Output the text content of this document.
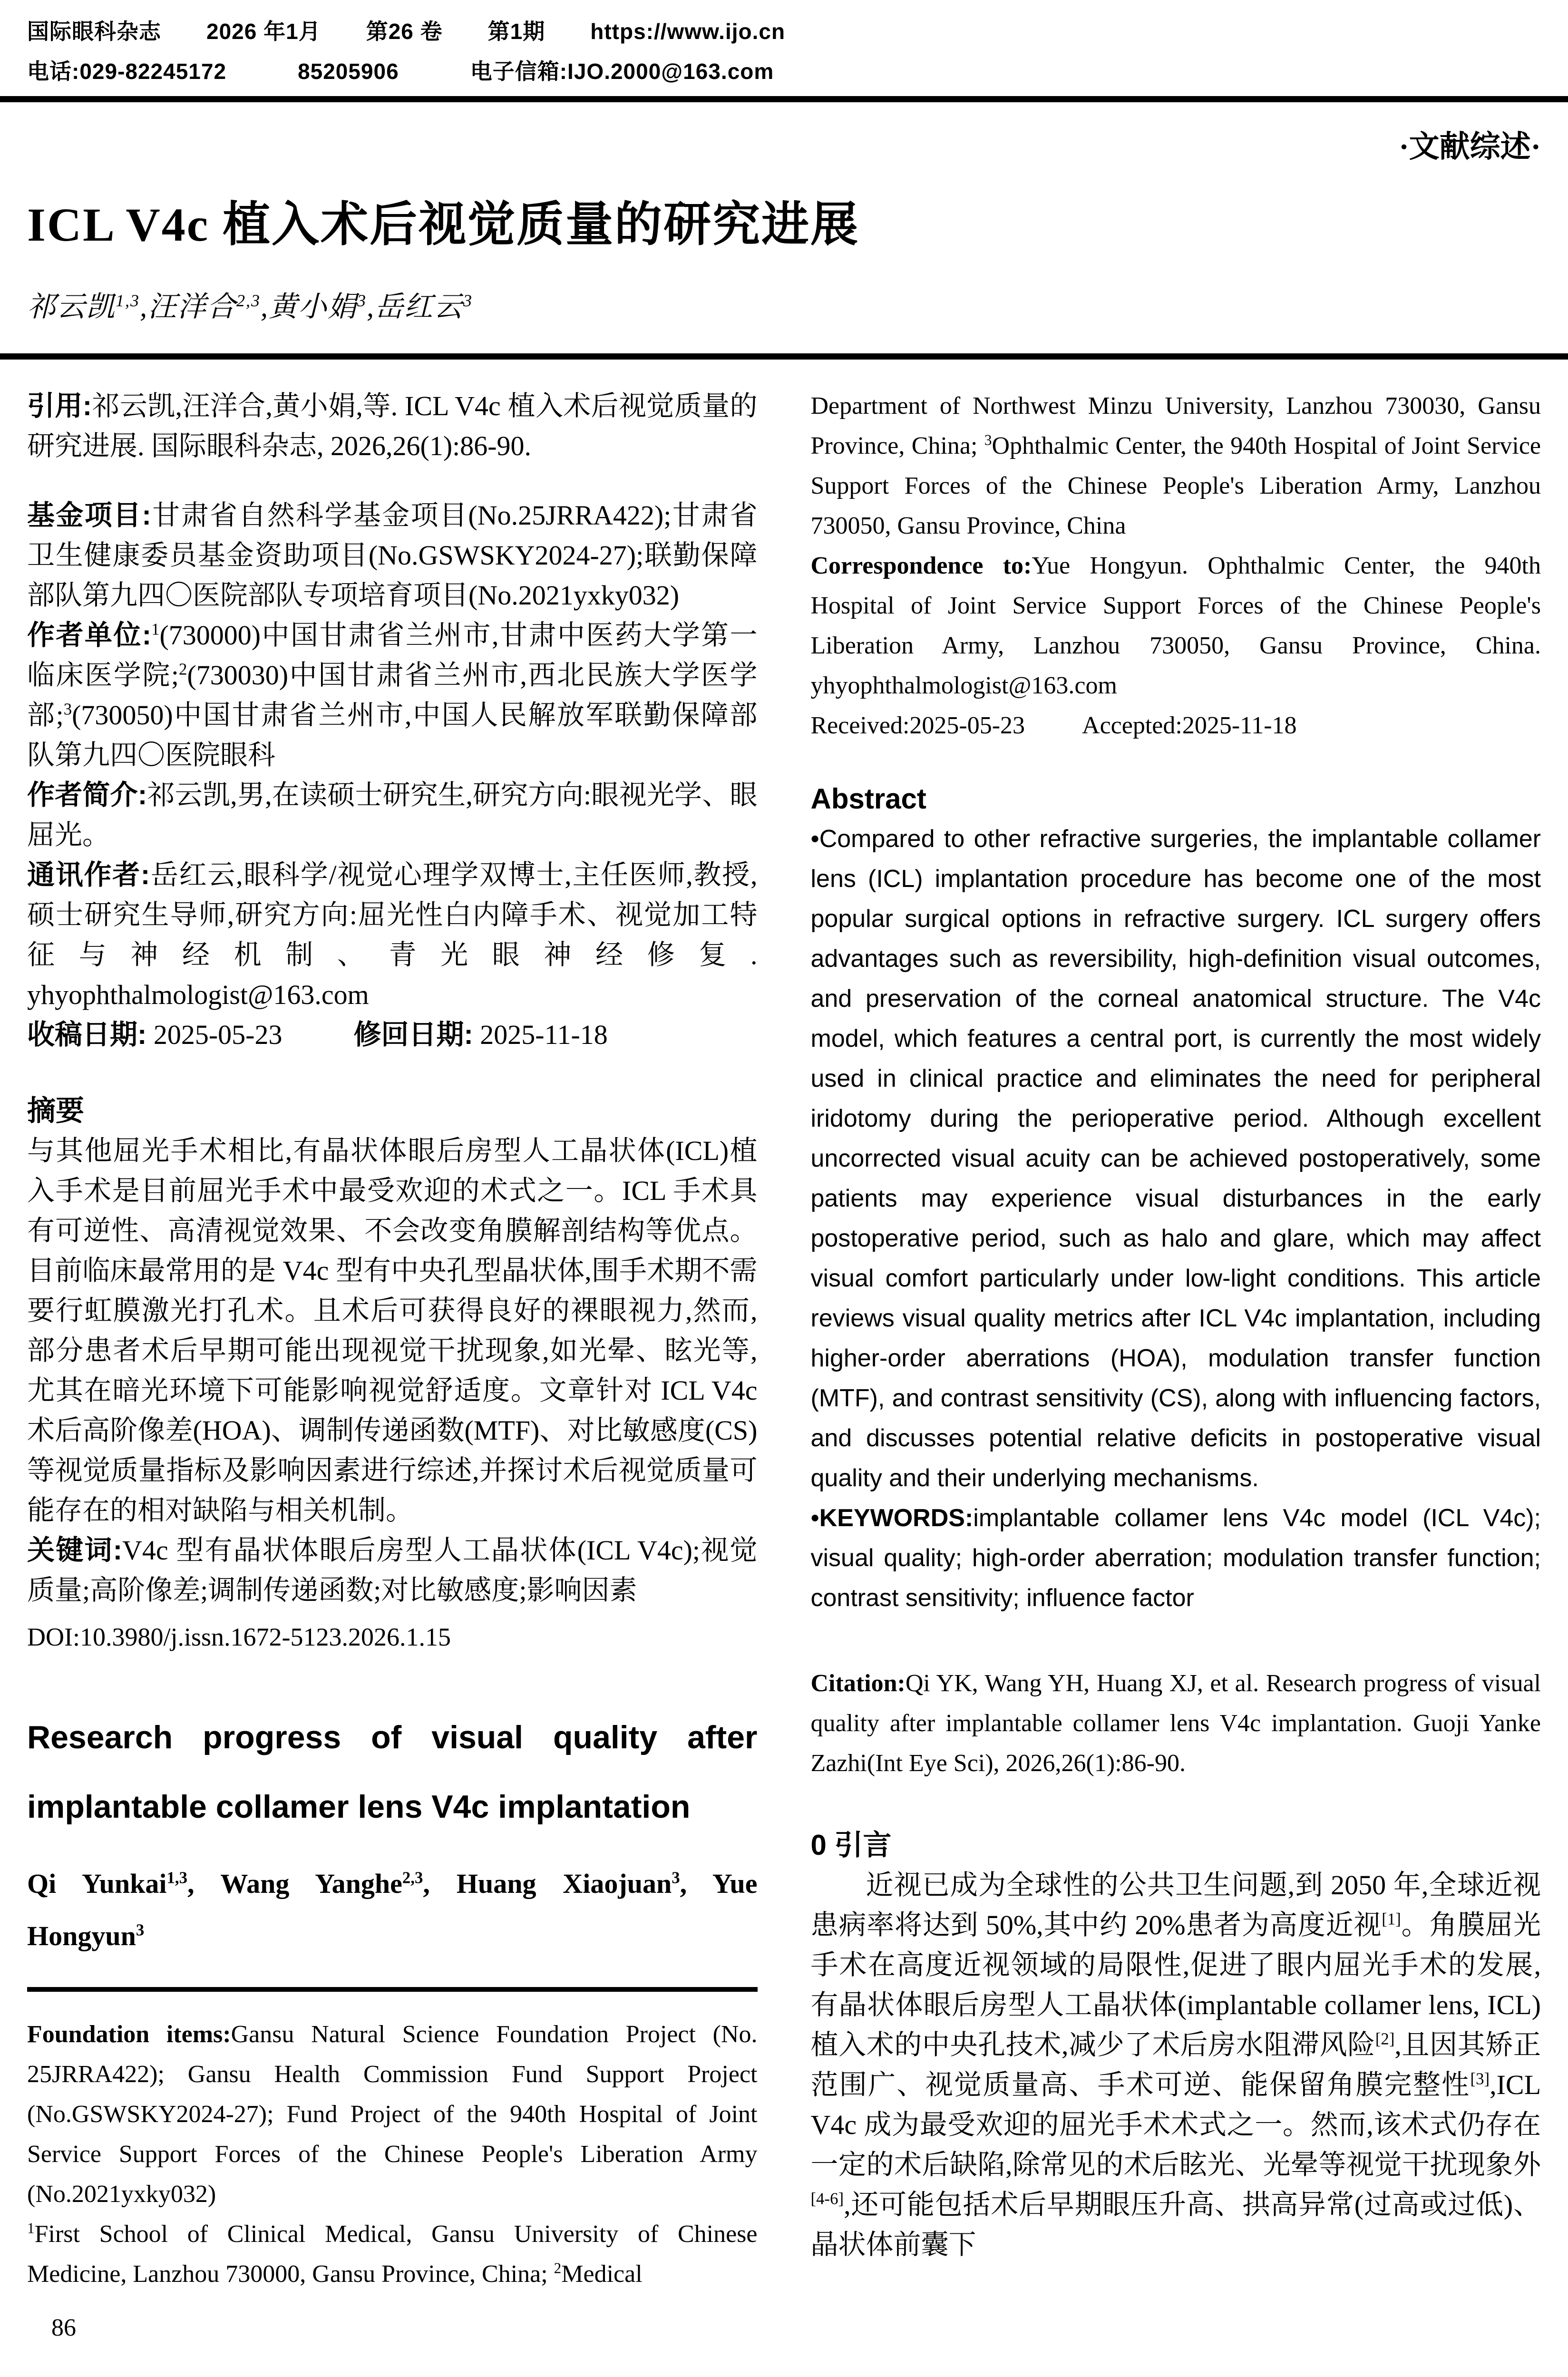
国际眼科杂志 2026 年1月 第26 卷 第1期 https://www.ijo.cn
电话:029-82245172	85205906	电子信箱:IJO.2000@163.com
·文献综述·
ICL V4c 植入术后视觉质量的研究进展
祁云凯$^{1,3}$,汪洋合$^{2,3}$,黄小娟$^3$,岳红云$^3$

引用:祁云凯,汪洋合,黄小娟,等. ICL V4c 植入术后视觉质量的研究进展. 国际眼科杂志, 2026,26(1):86-90.

基金项目:甘肃省自然科学基金项目(No.25JRRA422);甘肃省卫生健康委员基金资助项目(No.GSWSKY2024-27);联勤保障部队第九四〇医院部队专项培育项目(No.2021yxky032)

作者单位:$^1$(730000)中国甘肃省兰州市,甘肃中医药大学第一临床医学院;$^2$(730030)中国甘肃省兰州市,西北民族大学医学部;$^3$(730050)中国甘肃省兰州市,中国人民解放军联勤保障部队第九四〇医院眼科

作者简介:祁云凯,男,在读硕士研究生,研究方向:眼视光学、眼屈光。

通讯作者:岳红云,眼科学/视觉心理学双博士,主任医师,教授,硕士研究生导师,研究方向:屈光性白内障手术、视觉加工特征与神经机制、青光眼神经修复. yhyophthalmologist@163.com

收稿日期: 2025-05-23	修回日期: 2025-11-18

摘要

与其他屈光手术相比,有晶状体眼后房型人工晶状体(ICL)植入手术是目前屈光手术中最受欢迎的术式之一。ICL 手术具有可逆性、高清视觉效果、不会改变角膜解剖结构等优点。目前临床最常用的是 V4c 型有中央孔型晶状体,围手术期不需要行虹膜激光打孔术。且术后可获得良好的裸眼视力,然而,部分患者术后早期可能出现视觉干扰现象,如光晕、眩光等,尤其在暗光环境下可能影响视觉舒适度。文章针对 ICL V4c 术后高阶像差(HOA)、调制传递函数(MTF)、对比敏感度(CS)等视觉质量指标及影响因素进行综述,并探讨术后视觉质量可能存在的相对缺陷与相关机制。

关键词:V4c 型有晶状体眼后房型人工晶状体(ICL V4c);视觉质量;高阶像差;调制传递函数;对比敏感度;影响因素

DOI:10.3980/j.issn.1672-5123.2026.1.15

Research progress of visual quality after implantable collamer lens V4c implantation

Qi Yunkai$^{1,3}$, Wang Yanghe$^{2,3}$, Huang Xiaojuan$^3$, Yue Hongyun$^3$

Foundation items:Gansu Natural Science Foundation Project (No. 25JRRA422); Gansu Health Commission Fund Support Project (No.GSWSKY2024-27); Fund Project of the 940th Hospital of Joint Service Support Forces of the Chinese People's Liberation Army (No.2021yxky032)

$^1$First School of Clinical Medical, Gansu University of Chinese Medicine, Lanzhou 730000, Gansu Province, China; $^2$Medical

Department of Northwest Minzu University, Lanzhou 730030, Gansu Province, China; $^3$Ophthalmic Center, the 940th Hospital of Joint Service Support Forces of the Chinese People's Liberation Army, Lanzhou 730050, Gansu Province, China

Correspondence to:Yue Hongyun. Ophthalmic Center, the 940th Hospital of Joint Service Support Forces of the Chinese People's Liberation Army, Lanzhou 730050, Gansu Province, China. yhyophthalmologist@163.com

Received:2025-05-23 Accepted:2025-11-18

Abstract

•Compared to other refractive surgeries, the implantable collamer lens (ICL) implantation procedure has become one of the most popular surgical options in refractive surgery. ICL surgery offers advantages such as reversibility, high-definition visual outcomes, and preservation of the corneal anatomical structure. The V4c model, which features a central port, is currently the most widely used in clinical practice and eliminates the need for peripheral iridotomy during the perioperative period. Although excellent uncorrected visual acuity can be achieved postoperatively, some patients may experience visual disturbances in the early postoperative period, such as halo and glare, which may affect visual comfort particularly under low-light conditions. This article reviews visual quality metrics after ICL V4c implantation, including higher-order aberrations (HOA), modulation transfer function (MTF), and contrast sensitivity (CS), along with influencing factors, and discusses potential relative deficits in postoperative visual quality and their underlying mechanisms.

•KEYWORDS:implantable collamer lens V4c model (ICL V4c); visual quality; high-order aberration; modulation transfer function; contrast sensitivity; influence factor

Citation:Qi YK, Wang YH, Huang XJ, et al. Research progress of visual quality after implantable collamer lens V4c implantation. Guoji Yanke Zazhi(Int Eye Sci), 2026,26(1):86-90.

0 引言

近视已成为全球性的公共卫生问题,到 2050 年,全球近视患病率将达到 50%,其中约 20%患者为高度近视[1]。角膜屈光手术在高度近视领域的局限性,促进了眼内屈光手术的发展,有晶状体眼后房型人工晶状体(implantable collamer lens, ICL)植入术的中央孔技术,减少了术后房水阻滞风险[2],且因其矫正范围广、视觉质量高、手术可逆、能保留角膜完整性[3],ICL V4c 成为最受欢迎的屈光手术术式之一。然而,该术式仍存在一定的术后缺陷,除常见的术后眩光、光晕等视觉干扰现象外[4-6],还可能包括术后早期眼压升高、拱高异常(过高或过低)、晶状体前囊下

86
